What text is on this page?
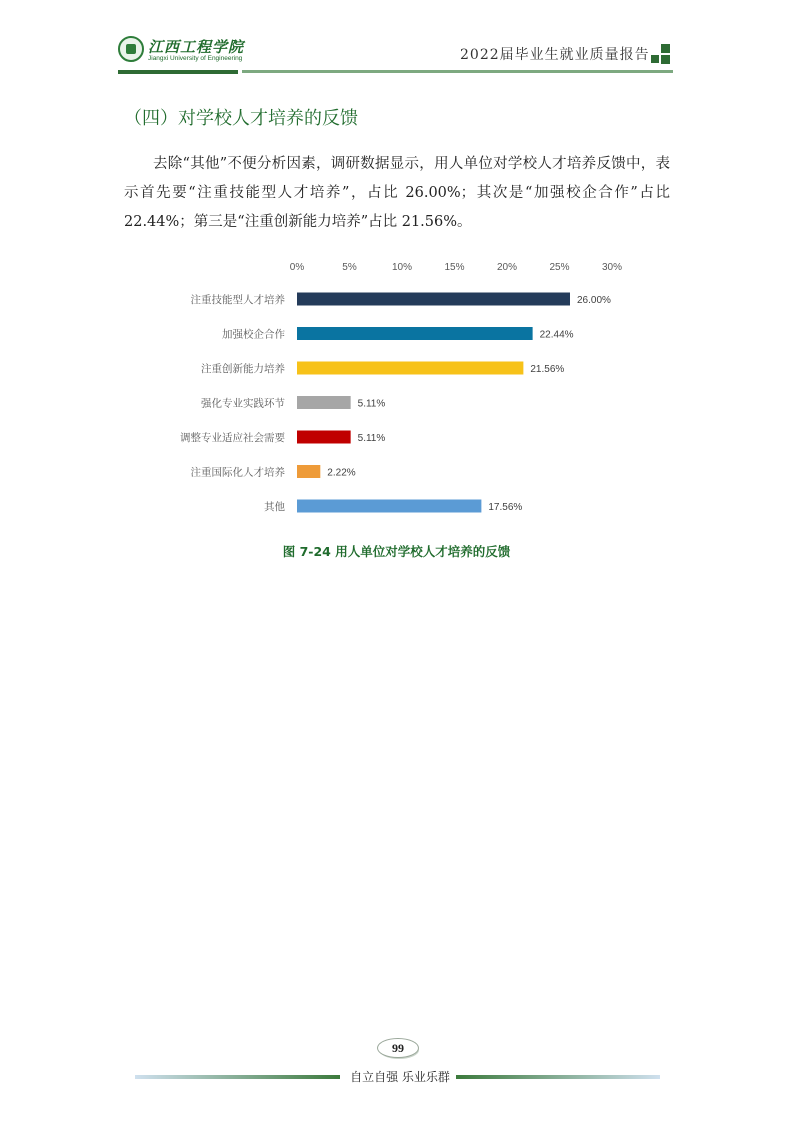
江西工程学院
Jiangxi University of Engineering	2022届毕业生就业质量报告
（四）对学校人才培养的反馈
去除“其他”不便分析因素，调研数据显示，用人单位对学校人才培养反馈中，表示首先要“注重技能型人才培养”，占比 26.00%；其次是“加强校企合作”占比 22.44%；第三是“注重创新能力培养”占比 21.56%。
0%	5%	10%	15%	20%	25%	30%
注重技能型人才培养	26.00%
加强校企合作	22.44%
注重创新能力培养	21.56%
强化专业实践环节	5.11%
调整专业适应社会需要	5.11%
注重国际化人才培养	2.22%
其他	17.56%
图 7-24 用人单位对学校人才培养的反馈
99
自立自强 乐业乐群
